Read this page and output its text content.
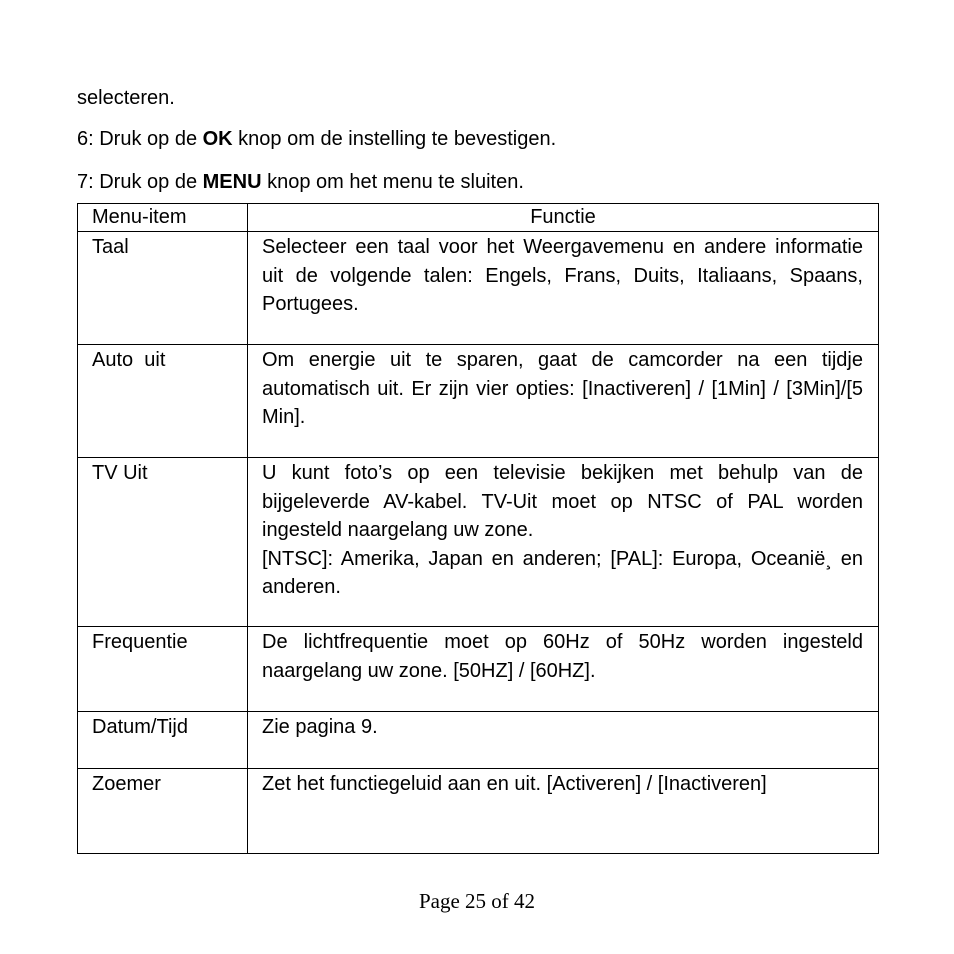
selecteren.
6: Druk op de OK knop om de instelling te bevestigen.
7: Druk op de MENU knop om het menu te sluiten.
Menu-item	Functie
Taal	Selecteer een taal voor het Weergavemenu en andere informatie uit de volgende talen: Engels, Frans, Duits, Italiaans, Spaans, Portugees.

Auto  uit	Om energie uit te sparen, gaat de camcorder na een tijdje automatisch uit. Er zijn vier opties: [Inactiveren] / [1Min] / [3Min]/[5 Min].

TV Uit	U kunt foto’s op een televisie bekijken met behulp van de bijgeleverde AV-kabel. TV-Uit moet op NTSC of PAL worden ingesteld naargelang uw zone.
[NTSC]: Amerika, Japan en anderen; [PAL]: Europa, Oceanië¸ en anderen.

Frequentie	De lichtfrequentie moet op 60Hz of 50Hz worden ingesteld naargelang uw zone. [50HZ] / [60HZ].

Datum/Tijd	Zie pagina 9.

Zoemer	Zet het functiegeluid aan en uit. [Activeren] / [Inactiveren]
Page 25 of 42
